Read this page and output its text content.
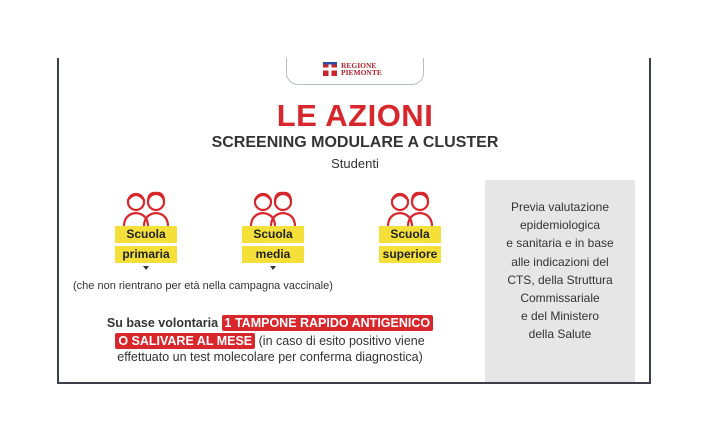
REGIONE
PIEMONTE
LE AZIONI
SCREENING MODULARE A CLUSTER
Studenti
Scuola
primaria
Scuola
media
Scuola
superiore
(che non rientrano per età nella campagna vaccinale)
Su base volontaria 1 TAMPONE RAPIDO ANTIGENICO
O SALIVARE AL MESE (in caso di esito positivo viene
effettuato un test molecolare per conferma diagnostica)
Previa valutazione
epidemiologica
e sanitaria e in base
alle indicazioni del
CTS, della Struttura
Commissariale
e del Ministero
della Salute
